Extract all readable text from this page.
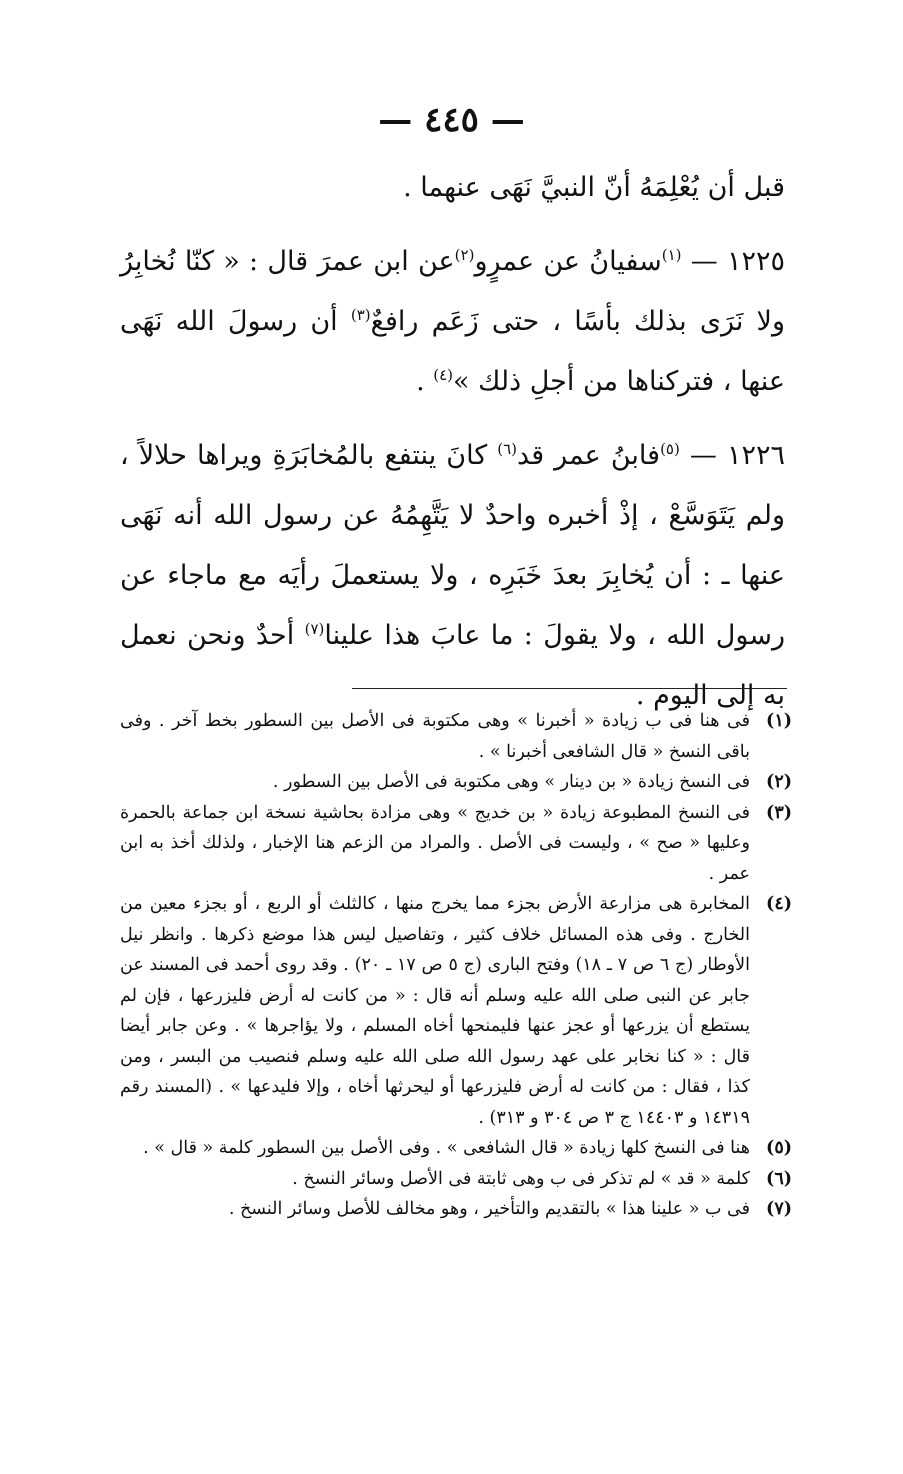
— ٤٤٥ —

قبل أن يُعْلِمَهُ أنّ النبيَّ نَهَى عنهما .

١٢٢٥ — $^{(١)}$سفيانُ عن عمرٍو$^{(٢)}$عن ابن عمرَ قال : « كنّا نُخابِرُ ولا نَرَى بذلك بأسًا ، حتى زَعَم رافعٌ$^{(٣)}$ أن رسولَ الله نَهَى عنها ، فتركناها من أجلِ ذلك »$^{(٤)}$ .

١٢٢٦ — $^{(٥)}$فابنُ عمر قد$^{(٦)}$ كانَ ينتفع بالمُخابَرَةِ ويراها حلالاً ، ولم يَتَوَسَّعْ ، إذْ أخبره واحدٌ لا يَتَّهِمُهُ عن رسول الله أنه نَهَى عنها ـ : أن يُخابِرَ بعدَ خَبَرِه ، ولا يستعملَ رأيَه مع ماجاء عن رسول الله ، ولا يقولَ : ما عابَ هذا علينا$^{(٧)}$ أحدٌ ونحن نعمل به إلى اليوم .

(١)
فى هنا فى ب زيادة « أخبرنا » وهى مكتوبة فى الأصل بين السطور بخط آخر . وفى باقى النسخ « قال الشافعى أخبرنا » .
(٢)
فى النسخ زيادة « بن دينار » وهى مكتوبة فى الأصل بين السطور .
(٣)
فى النسخ المطبوعة زيادة « بن خديج » وهى مزادة بحاشية نسخة ابن جماعة بالحمرة وعليها « صح » ، وليست فى الأصل . والمراد من الزعم هنا الإخبار ، ولذلك أخذ به ابن عمر .
(٤)
المخابرة هى مزارعة الأرض بجزء مما يخرج منها ، كالثلث أو الربع ، أو بجزء معين من الخارج . وفى هذه المسائل خلاف كثير ، وتفاصيل ليس هذا موضع ذكرها . وانظر نيل الأوطار (ج ٦ ص ٧ ـ ١٨) وفتح البارى (ج ٥ ص ١٧ ـ ٢٠) . وقد روى أحمد فى المسند عن جابر عن النبى صلى الله عليه وسلم أنه قال : « من كانت له أرض فليزرعها ، فإن لم يستطع أن يزرعها أو عجز عنها فليمنحها أخاه المسلم ، ولا يؤاجرها » . وعن جابر أيضا قال : « كنا نخابر على عهد رسول الله صلى الله عليه وسلم فنصيب من البسر ، ومن كذا ، فقال : من كانت له أرض فليزرعها أو ليحرثها أخاه ، وإلا فليدعها » . (المسند رقم ١٤٣١٩ و ١٤٤٠٣ ج ٣ ص ٣٠٤ و ٣١٣) .
(٥)
هنا فى النسخ كلها زيادة « قال الشافعى » . وفى الأصل بين السطور كلمة « قال » .
(٦)
كلمة « قد » لم تذكر فى ب وهى ثابتة فى الأصل وسائر النسخ .
(٧)
فى ب « علينا هذا » بالتقديم والتأخير ، وهو مخالف للأصل وسائر النسخ .
